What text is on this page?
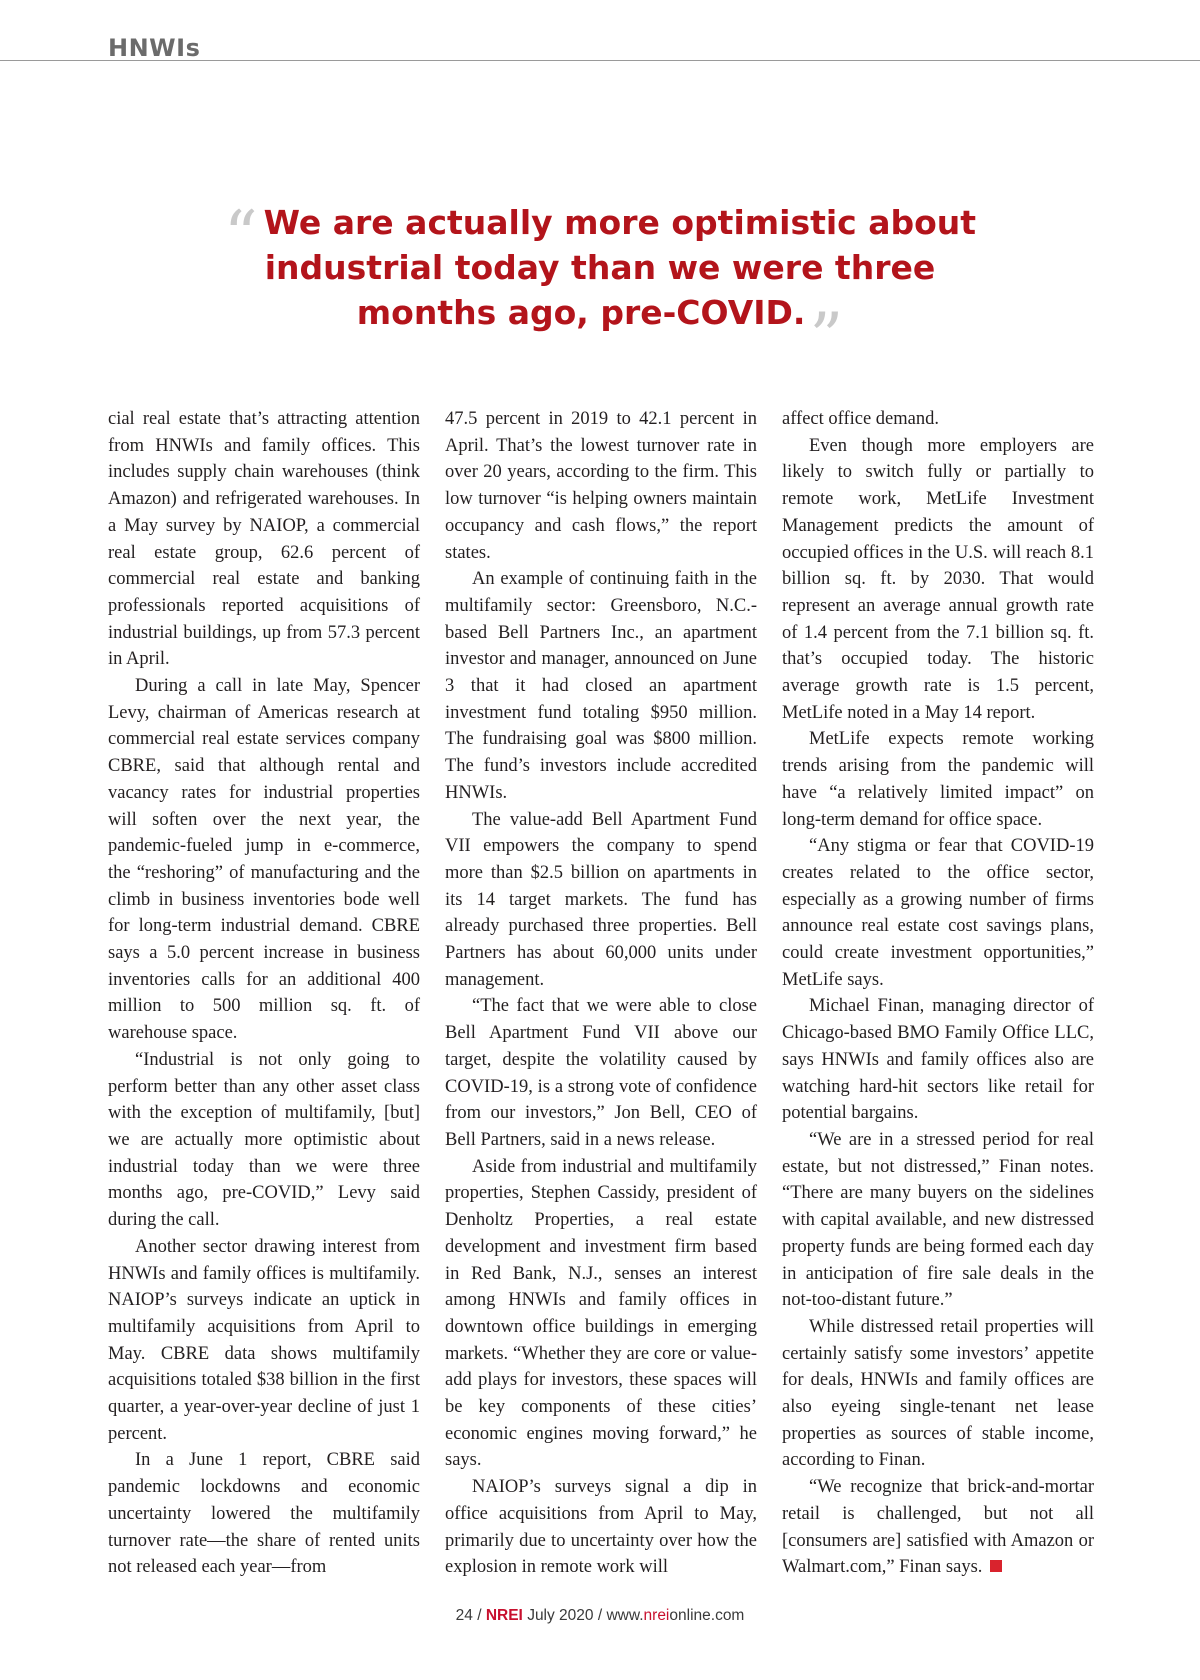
HNWIs

“ We are actually more optimistic about industrial today than we were three months ago, pre-COVID.”

cial real estate that’s attracting attention from HNWIs and family offices. This includes supply chain warehouses (think Amazon) and refrigerated warehouses. In a May survey by NAIOP, a commercial real estate group, 62.6 percent of commercial real estate and banking professionals reported acquisitions of industrial buildings, up from 57.3 percent in April.

During a call in late May, Spencer Levy, chairman of Americas research at commercial real estate services company CBRE, said that although rental and vacancy rates for industrial properties will soften over the next year, the pandemic-fueled jump in e-commerce, the “reshoring” of manufacturing and the climb in business inventories bode well for long-term industrial demand. CBRE says a 5.0 percent increase in business inventories calls for an additional 400 million to 500 million sq. ft. of warehouse space.

“Industrial is not only going to perform better than any other asset class with the exception of multifamily, [but] we are actually more optimistic about industrial today than we were three months ago, pre-COVID,” Levy said during the call.

Another sector drawing interest from HNWIs and family offices is multifamily. NAIOP’s surveys indicate an uptick in multifamily acquisitions from April to May. CBRE data shows multifamily acquisitions totaled $38 billion in the first quarter, a year-over-year decline of just 1 percent.

In a June 1 report, CBRE said pandemic lockdowns and economic uncertainty lowered the multifamily turnover rate—the share of rented units not released each year—from

47.5 percent in 2019 to 42.1 percent in April. That’s the lowest turnover rate in over 20 years, according to the firm. This low turnover “is helping owners maintain occupancy and cash flows,” the report states.

An example of continuing faith in the multifamily sector: Greensboro, N.C.-based Bell Partners Inc., an apartment investor and manager, announced on June 3 that it had closed an apartment investment fund totaling $950 million. The fundraising goal was $800 million. The fund’s investors include accredited HNWIs.

The value-add Bell Apartment Fund VII empowers the company to spend more than $2.5 billion on apartments in its 14 target markets. The fund has already purchased three properties. Bell Partners has about 60,000 units under management.

“The fact that we were able to close Bell Apartment Fund VII above our target, despite the volatility caused by COVID-19, is a strong vote of confidence from our investors,” Jon Bell, CEO of Bell Partners, said in a news release.

Aside from industrial and multifamily properties, Stephen Cassidy, president of Denholtz Properties, a real estate development and investment firm based in Red Bank, N.J., senses an interest among HNWIs and family offices in downtown office buildings in emerging markets. “Whether they are core or value-add plays for investors, these spaces will be key components of these cities’ economic engines moving forward,” he says.

NAIOP’s surveys signal a dip in office acquisitions from April to May, primarily due to uncertainty over how the explosion in remote work will

affect office demand.

Even though more employers are likely to switch fully or partially to remote work, MetLife Investment Management predicts the amount of occupied offices in the U.S. will reach 8.1 billion sq. ft. by 2030. That would represent an average annual growth rate of 1.4 percent from the 7.1 billion sq. ft. that’s occupied today. The historic average growth rate is 1.5 percent, MetLife noted in a May 14 report.

MetLife expects remote working trends arising from the pandemic will have “a relatively limited impact” on long-term demand for office space.

“Any stigma or fear that COVID-19 creates related to the office sector, especially as a growing number of firms announce real estate cost savings plans, could create investment opportunities,” MetLife says.

Michael Finan, managing director of Chicago-based BMO Family Office LLC, says HNWIs and family offices also are watching hard-hit sectors like retail for potential bargains.

“We are in a stressed period for real estate, but not distressed,” Finan notes. “There are many buyers on the sidelines with capital available, and new distressed property funds are being formed each day in anticipation of fire sale deals in the not-too-distant future.”

While distressed retail properties will certainly satisfy some investors’ appetite for deals, HNWIs and family offices are also eyeing single-tenant net lease properties as sources of stable income, according to Finan.

“We recognize that brick-and-mortar retail is challenged, but not all [consumers are] satisfied with Amazon or Walmart.com,” Finan says.

24 / NREI July 2020 / www.nreionline.com
